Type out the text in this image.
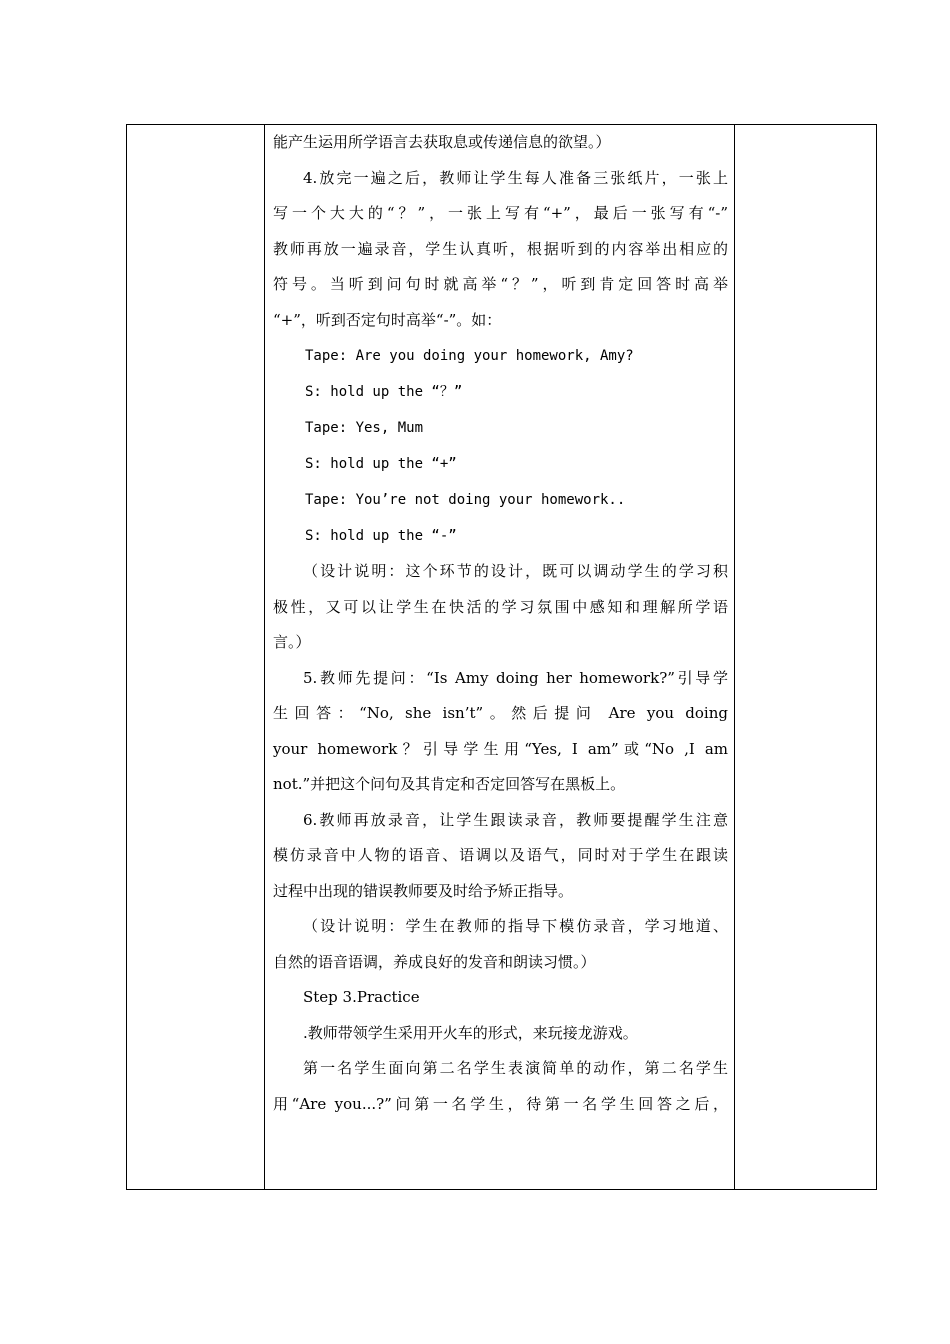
能产生运用所学语言去获取息或传递信息的欲望。）

4.放完一遍之后，教师让学生每人准备三张纸片，一张上

写一个大大的“？”，一张上写有“+”，最后一张写有“-”

教师再放一遍录音，学生认真听，根据听到的内容举出相应的

符号。当听到问句时就高举“？”，听到肯定回答时高举

“+”，听到否定句时高举“-”。如：

Tape: Are you doing your homework, Amy?

S: hold up the “？”

Tape: Yes, Mum

S: hold up the “+”

Tape: You’re not doing your homework..

S: hold up the “-”

（设计说明：这个环节的设计，既可以调动学生的学习积

极性，又可以让学生在快活的学习氛围中感知和理解所学语

言。）

5.教师先提问：“Is Amy doing her homework?”引导学

生回答：“No, she isn’t”。然后提问 Are you doing

your homework？引导学生用“Yes, I am”或“No ,I am

not.”并把这个问句及其肯定和否定回答写在黑板上。

6.教师再放录音，让学生跟读录音，教师要提醒学生注意

模仿录音中人物的语音、语调以及语气，同时对于学生在跟读

过程中出现的错误教师要及时给予矫正指导。

（设计说明：学生在教师的指导下模仿录音，学习地道、

自然的语音语调，养成良好的发音和朗读习惯。）

Step 3.Practice

.教师带领学生采用开火车的形式，来玩接龙游戏。

第一名学生面向第二名学生表演简单的动作，第二名学生

用“Are you...?”问第一名学生，待第一名学生回答之后，
